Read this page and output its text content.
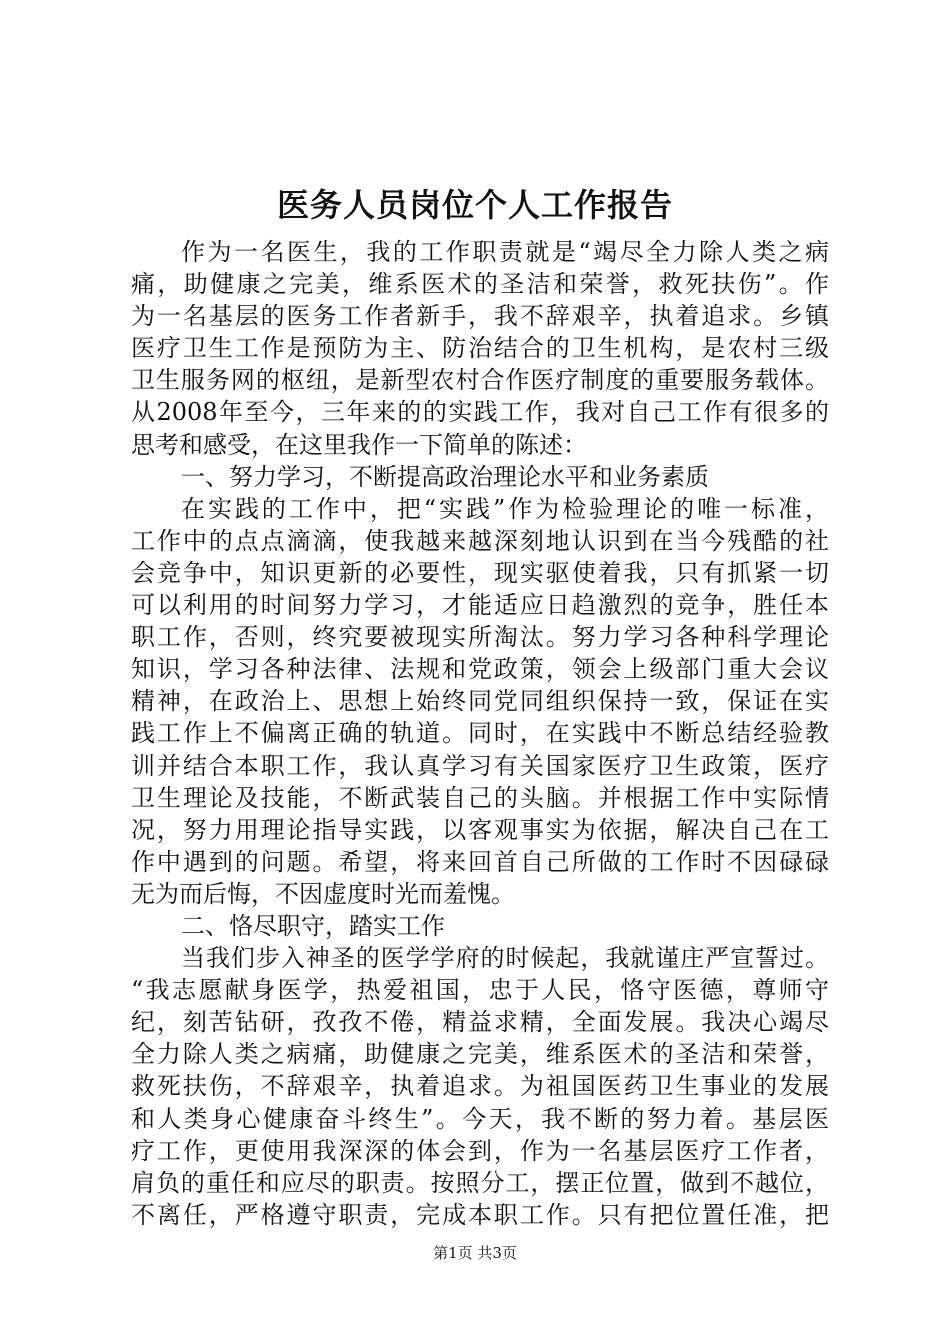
医务人员岗位个人工作报告
作为一名医生，我的工作职责就是“竭尽全力除人类之病
痛，助健康之完美，维系医术的圣洁和荣誉，救死扶伤”。作
为一名基层的医务工作者新手，我不辞艰辛，执着追求。乡镇
医疗卫生工作是预防为主、防治结合的卫生机构，是农村三级
卫生服务网的枢纽，是新型农村合作医疗制度的重要服务载体。
从2008年至今，三年来的的实践工作，我对自己工作有很多的
思考和感受，在这里我作一下简单的陈述：
一、努力学习，不断提高政治理论水平和业务素质
在实践的工作中，把“实践”作为检验理论的唯一标准，
工作中的点点滴滴，使我越来越深刻地认识到在当今残酷的社
会竞争中，知识更新的必要性，现实驱使着我，只有抓紧一切
可以利用的时间努力学习，才能适应日趋激烈的竞争，胜任本
职工作，否则，终究要被现实所淘汰。努力学习各种科学理论
知识，学习各种法律、法规和党政策，领会上级部门重大会议
精神，在政治上、思想上始终同党同组织保持一致，保证在实
践工作上不偏离正确的轨道。同时，在实践中不断总结经验教
训并结合本职工作，我认真学习有关国家医疗卫生政策，医疗
卫生理论及技能，不断武装自己的头脑。并根据工作中实际情
况，努力用理论指导实践，以客观事实为依据，解决自己在工
作中遇到的问题。希望，将来回首自己所做的工作时不因碌碌
无为而后悔，不因虚度时光而羞愧。
二、恪尽职守，踏实工作
当我们步入神圣的医学学府的时候起，我就谨庄严宣誓过。
“我志愿献身医学，热爱祖国，忠于人民，恪守医德，尊师守
纪，刻苦钻研，孜孜不倦，精益求精，全面发展。我决心竭尽
全力除人类之病痛，助健康之完美，维系医术的圣洁和荣誉，
救死扶伤，不辞艰辛，执着追求。为祖国医药卫生事业的发展
和人类身心健康奋斗终生”。今天，我不断的努力着。基层医
疗工作，更使用我深深的体会到，作为一名基层医疗工作者，
肩负的重任和应尽的职责。按照分工，摆正位置，做到不越位，
不离任，严格遵守职责，完成本职工作。只有把位置任准，把
第1页 共3页
